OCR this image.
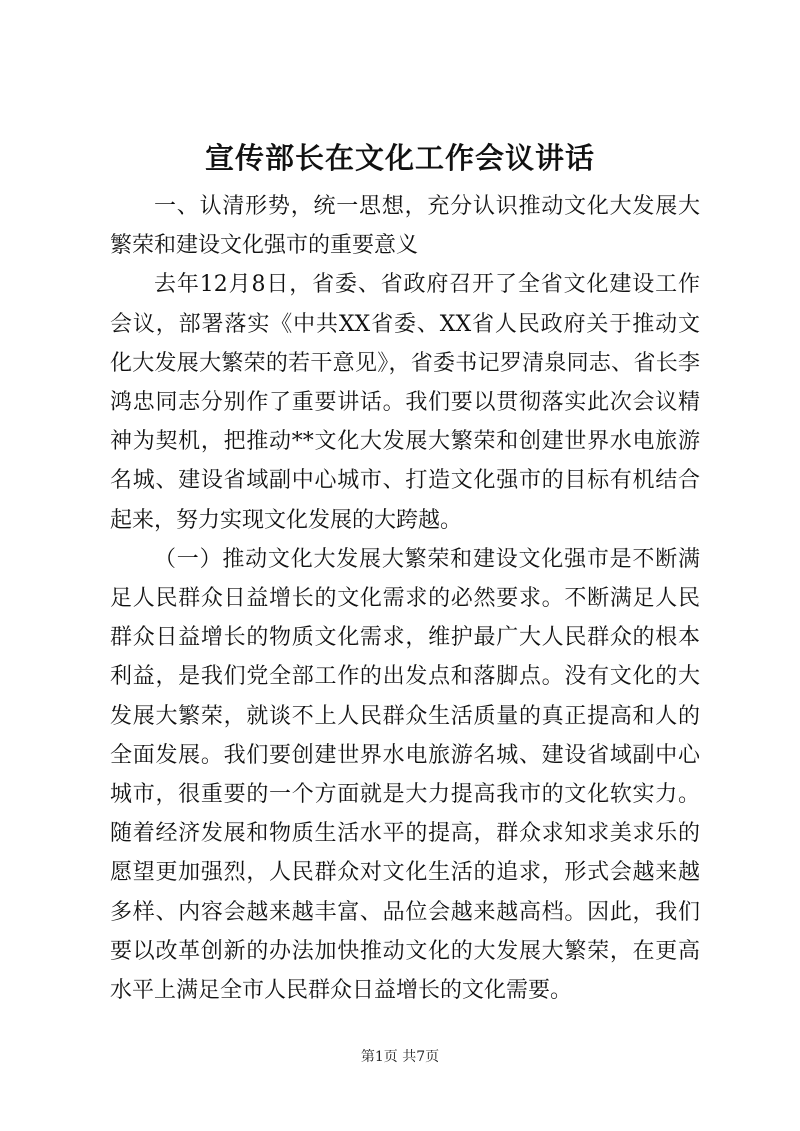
宣传部长在文化工作会议讲话

一、认清形势，统一思想，充分认识推动文化大发展大繁荣和建设文化强市的重要意义

去年12月8日，省委、省政府召开了全省文化建设工作会议，部署落实《中共XX省委、XX省人民政府关于推动文化大发展大繁荣的若干意见》，省委书记罗清泉同志、省长李鸿忠同志分别作了重要讲话。我们要以贯彻落实此次会议精神为契机，把推动**文化大发展大繁荣和创建世界水电旅游名城、建设省域副中心城市、打造文化强市的目标有机结合起来，努力实现文化发展的大跨越。

（一）推动文化大发展大繁荣和建设文化强市是不断满足人民群众日益增长的文化需求的必然要求。不断满足人民群众日益增长的物质文化需求，维护最广大人民群众的根本利益，是我们党全部工作的出发点和落脚点。没有文化的大发展大繁荣，就谈不上人民群众生活质量的真正提高和人的全面发展。我们要创建世界水电旅游名城、建设省域副中心城市，很重要的一个方面就是大力提高我市的文化软实力。随着经济发展和物质生活水平的提高，群众求知求美求乐的愿望更加强烈，人民群众对文化生活的追求，形式会越来越多样、内容会越来越丰富、品位会越来越高档。因此，我们要以改革创新的办法加快推动文化的大发展大繁荣，在更高水平上满足全市人民群众日益增长的文化需要。

第1页 共7页
